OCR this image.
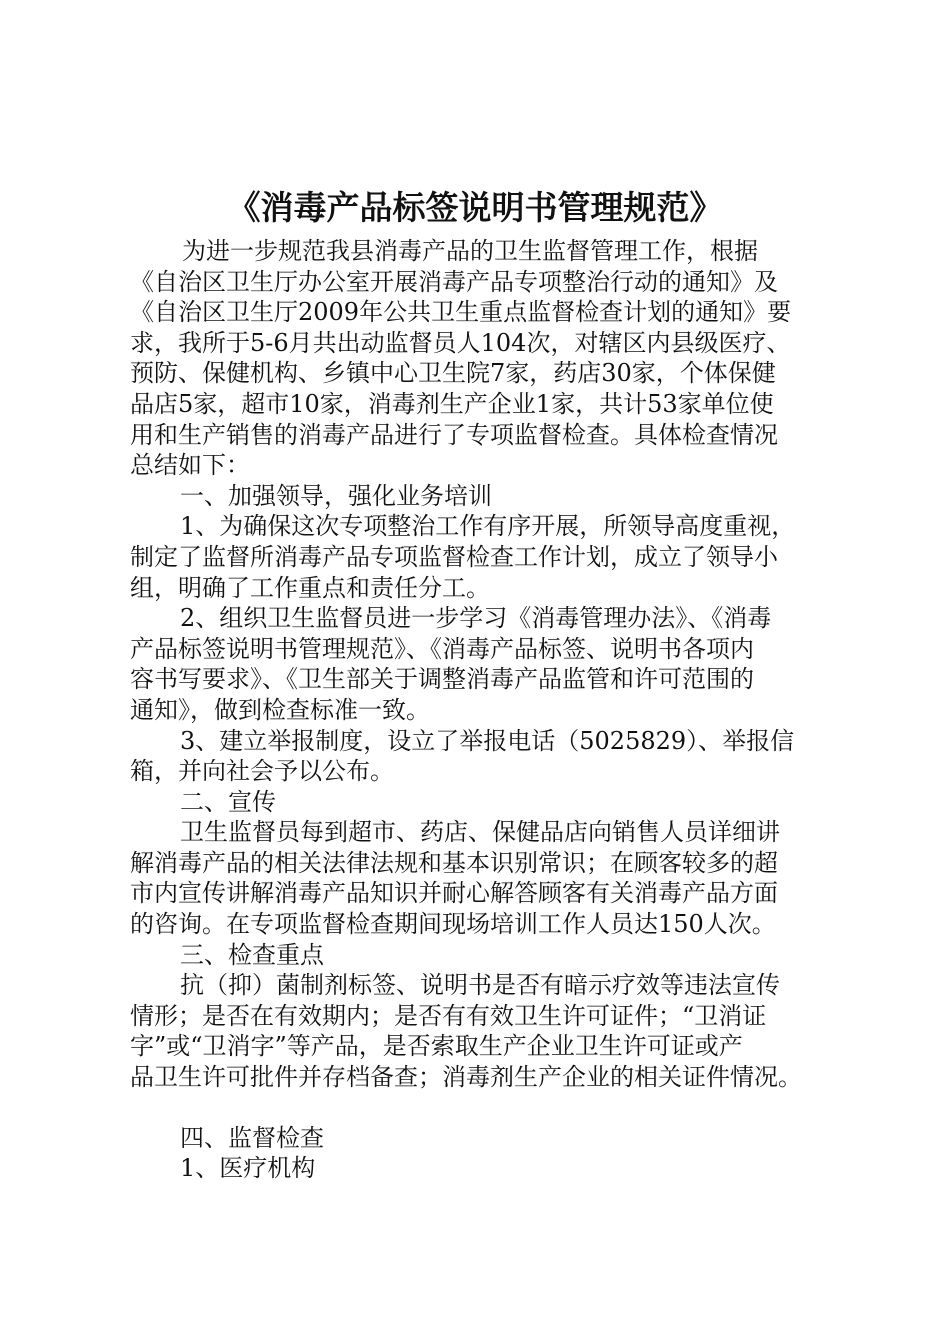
《消毒产品标签说明书管理规范》
为进一步规范我县消毒产品的卫生监督管理工作，根据
《自治区卫生厅办公室开展消毒产品专项整治行动的通知》及
《自治区卫生厅2009年公共卫生重点监督检查计划的通知》要
求，我所于5-6月共出动监督员人104次，对辖区内县级医疗、
预防、保健机构、乡镇中心卫生院7家，药店30家，个体保健
品店5家，超市10家，消毒剂生产企业1家，共计53家单位使
用和生产销售的消毒产品进行了专项监督检查。具体检查情况
总结如下：
一、加强领导，强化业务培训
1、为确保这次专项整治工作有序开展，所领导高度重视，
制定了监督所消毒产品专项监督检查工作计划，成立了领导小
组，明确了工作重点和责任分工。
2、组织卫生监督员进一步学习《消毒管理办法》、《消毒
产品标签说明书管理规范》、《消毒产品标签、说明书各项内
容书写要求》、《卫生部关于调整消毒产品监管和许可范围的
通知》，做到检查标准一致。
3、建立举报制度，设立了举报电话（5025829）、举报信
箱，并向社会予以公布。
二、宣传
卫生监督员每到超市、药店、保健品店向销售人员详细讲
解消毒产品的相关法律法规和基本识别常识；在顾客较多的超
市内宣传讲解消毒产品知识并耐心解答顾客有关消毒产品方面
的咨询。在专项监督检查期间现场培训工作人员达150人次。
三、检查重点
抗（抑）菌制剂标签、说明书是否有暗示疗效等违法宣传
情形；是否在有效期内；是否有有效卫生许可证件；“卫消证
字”或“卫消字”等产品，是否索取生产企业卫生许可证或产
品卫生许可批件并存档备查；消毒剂生产企业的相关证件情况。
四、监督检查
1、医疗机构
